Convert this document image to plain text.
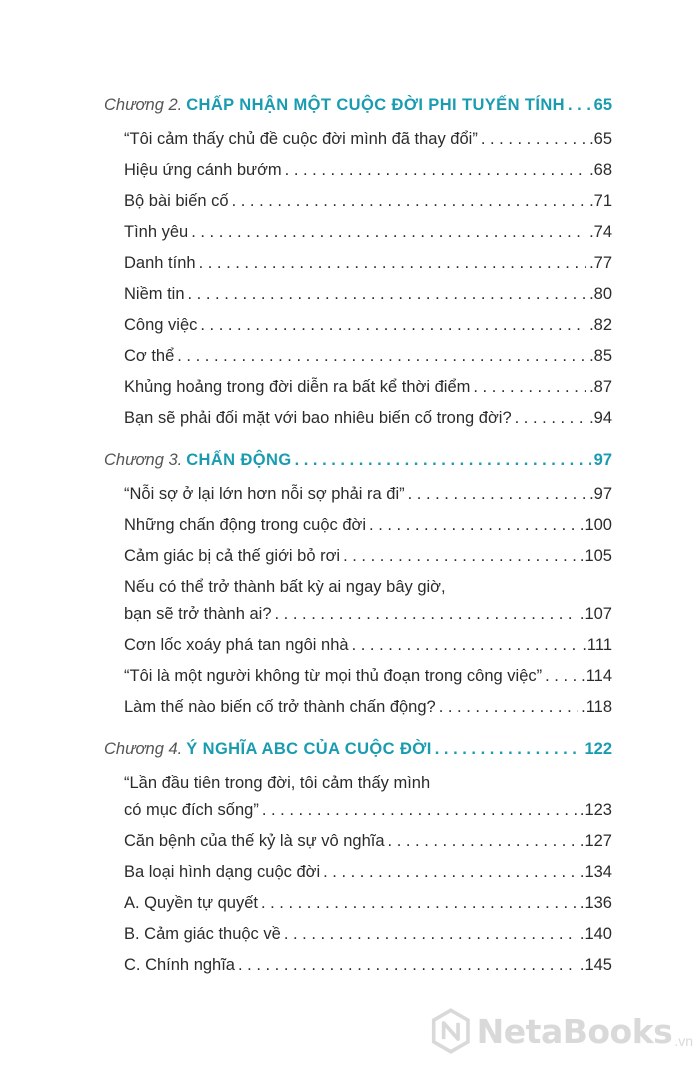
Chương 2. CHẤP NHẬN MỘT CUỘC ĐỜI PHI TUYẾN TÍNH . . . 65
“Tôi cảm thấy chủ đề cuộc đời mình đã thay đổi” . . .	.65
Hiệu ứng cánh bướm . . .	.68
Bộ bài biến cố . . .	.71
Tình yêu . . .	.74
Danh tính . . .	.77
Niềm tin . . .	.80
Công việc . . .	.82
Cơ thể . . .	.85
Khủng hoảng trong đời diễn ra bất kể thời điểm . . .	.87
Bạn sẽ phải đối mặt với bao nhiêu biến cố trong đời? . . .	.94
Chương 3. CHẤN ĐỘNG . . .	97
“Nỗi sợ ở lại lớn hơn nỗi sợ phải ra đi” . . .	.97
Những chấn động trong cuộc đời . . .	.100
Cảm giác bị cả thế giới bỏ rơi . . .	.105
Nếu có thể trở thành bất kỳ ai ngay bây giờ,
bạn sẽ trở thành ai? . . .	.107
Cơn lốc xoáy phá tan ngôi nhà . . .	.111
“Tôi là một người không từ mọi thủ đoạn trong công việc” . . . .114
Làm thế nào biến cố trở thành chấn động? . . .	.118
Chương 4. Ý NGHĨA ABC CỦA CUỘC ĐỜI . . .	122
“Lần đầu tiên trong đời, tôi cảm thấy mình
có mục đích sống” . . .	.123
Căn bệnh của thế kỷ là sự vô nghĩa . . .	.127
Ba loại hình dạng cuộc đời . . .	.134
A. Quyền tự quyết . . .	.136
B. Cảm giác thuộc về . . .	.140
C. Chính nghĩa . . .	.145
NetaBooks .vn
